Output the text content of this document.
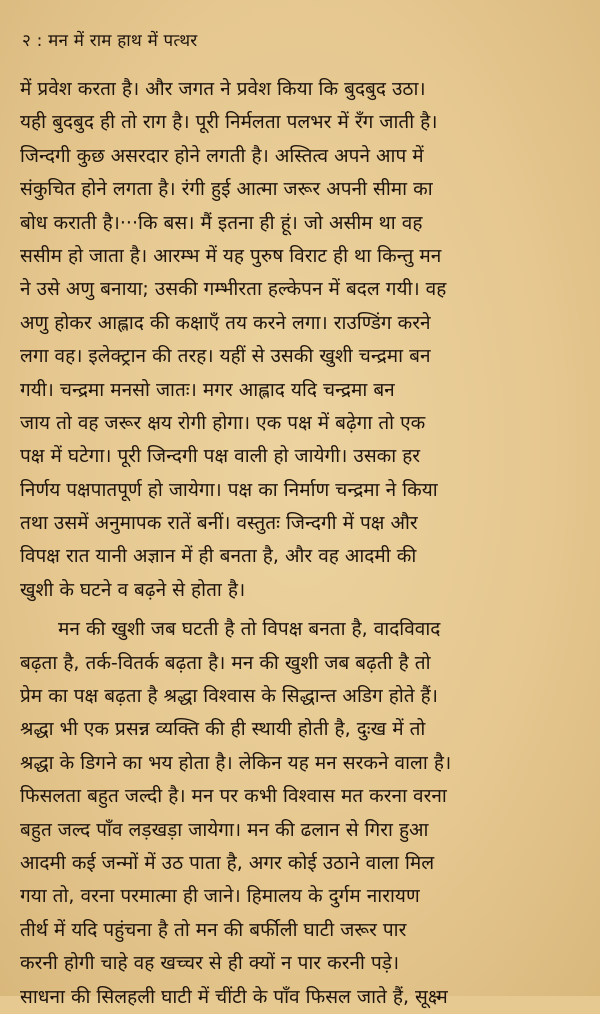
२ : मन में राम हाथ में पत्थर
में प्रवेश करता है। और जगत ने प्रवेश किया कि बुदबुद उठा।
यही बुदबुद ही तो राग है। पूरी निर्मलता पलभर में रँग जाती है।
जिन्दगी कुछ असरदार होने लगती है। अस्तित्व अपने आप में
संकुचित होने लगता है। रंगी हुई आत्मा जरूर अपनी सीमा का
बोध कराती है।···कि बस। मैं इतना ही हूं। जो असीम था वह
ससीम हो जाता है। आरम्भ में यह पुरुष विराट ही था किन्तु मन
ने उसे अणु बनाया; उसकी गम्भीरता हल्केपन में बदल गयी। वह
अणु होकर आह्लाद की कक्षाएँ तय करने लगा। राउण्डिंग करने
लगा वह। इलेक्ट्रान की तरह। यहीं से उसकी खुशी चन्द्रमा बन
गयी। चन्द्रमा मनसो जातः। मगर आह्लाद यदि चन्द्रमा बन
जाय तो वह जरूर क्षय रोगी होगा। एक पक्ष में बढ़ेगा तो एक
पक्ष में घटेगा। पूरी जिन्दगी पक्ष वाली हो जायेगी। उसका हर
निर्णय पक्षपातपूर्ण हो जायेगा। पक्ष का निर्माण चन्द्रमा ने किया
तथा उसमें अनुमापक रातें बनीं। वस्तुतः जिन्दगी में पक्ष और
विपक्ष रात यानी अज्ञान में ही बनता है, और वह आदमी की
खुशी के घटने व बढ़ने से होता है।
मन की खुशी जब घटती है तो विपक्ष बनता है, वादविवाद
बढ़ता है, तर्क-वितर्क बढ़ता है। मन की खुशी जब बढ़ती है तो
प्रेम का पक्ष बढ़ता है श्रद्धा विश्वास के सिद्धान्त अडिग होते हैं।
श्रद्धा भी एक प्रसन्न व्यक्ति की ही स्थायी होती है, दुःख में तो
श्रद्धा के डिगने का भय होता है। लेकिन यह मन सरकने वाला है।
फिसलता बहुत जल्दी है। मन पर कभी विश्वास मत करना वरना
बहुत जल्द पाँव लड़खड़ा जायेगा। मन की ढलान से गिरा हुआ
आदमी कई जन्मों में उठ पाता है, अगर कोई उठाने वाला मिल
गया तो, वरना परमात्मा ही जाने। हिमालय के दुर्गम नारायण
तीर्थ में यदि पहुंचना है तो मन की बर्फीली घाटी जरूर पार
करनी होगी चाहे वह खच्चर से ही क्यों न पार करनी पड़े।
साधना की सिलहली घाटी में चींटी के पाँव फिसल जाते हैं, सूक्ष्म
